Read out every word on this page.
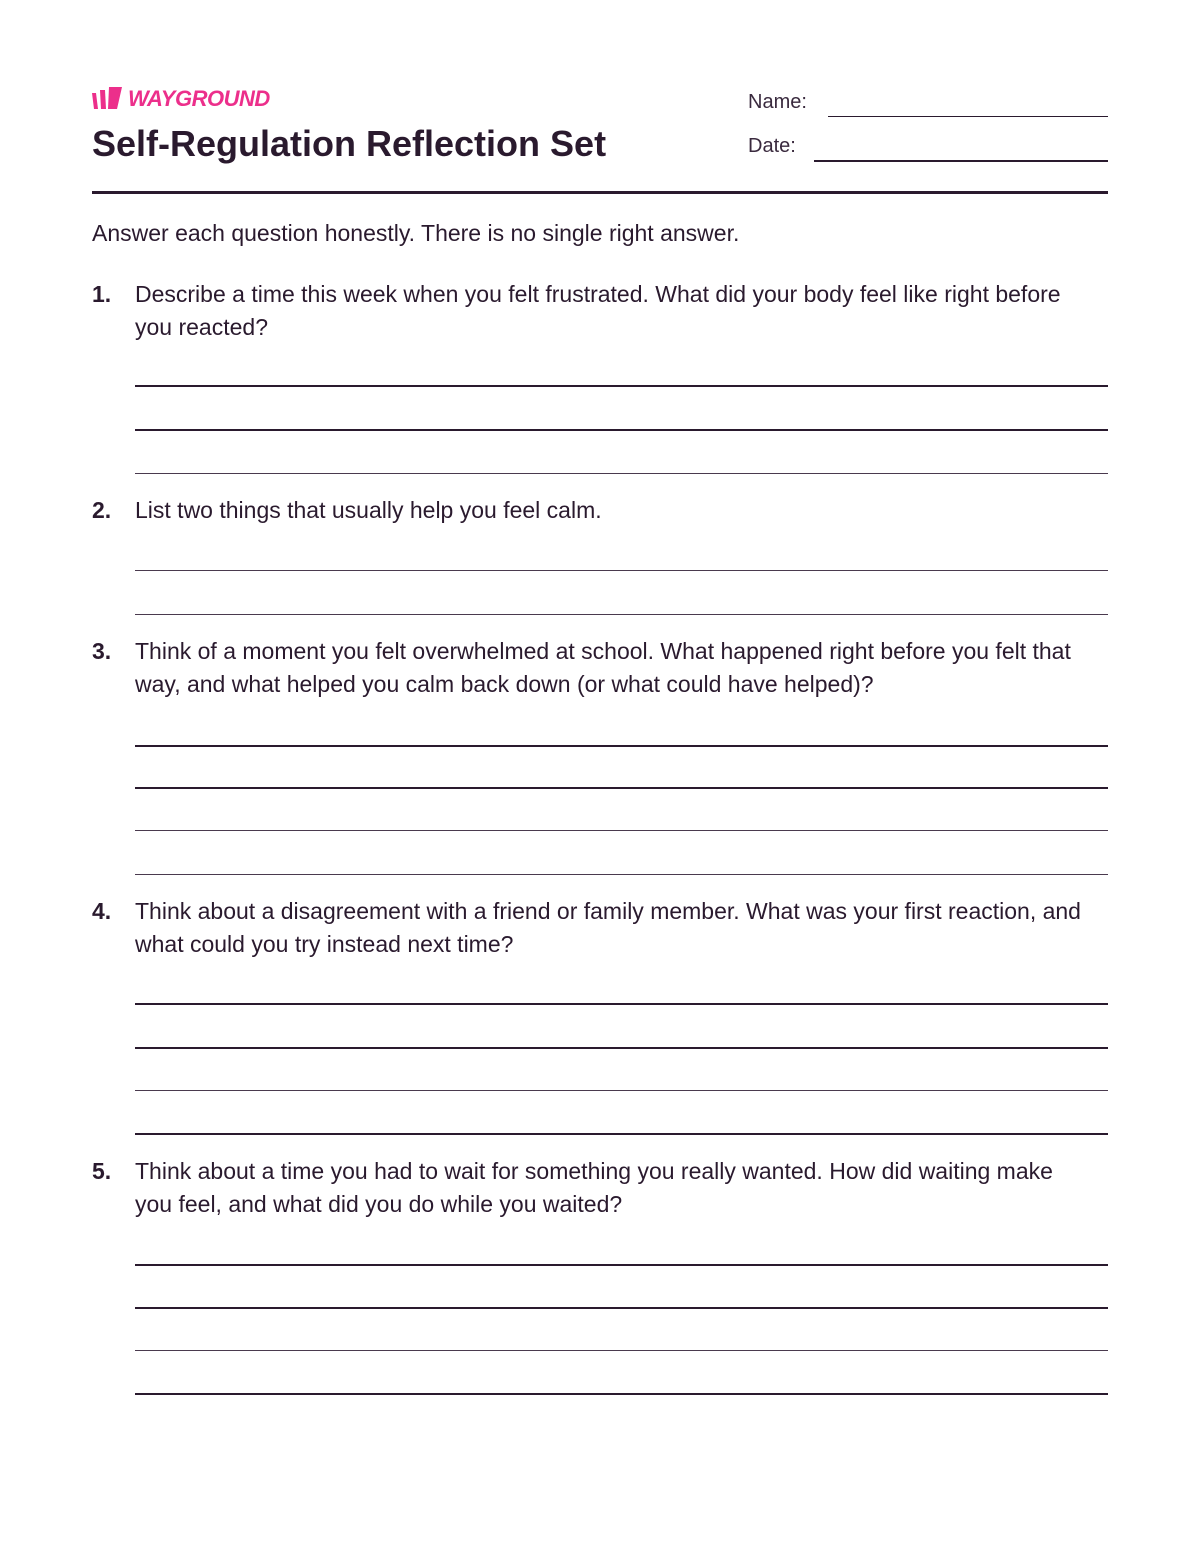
WAYGROUND
Self-Regulation Reflection Set
Name:
Date:
Answer each question honestly. There is no single right answer.
1. Describe a time this week when you felt frustrated. What did your body feel like right before you reacted?
2. List two things that usually help you feel calm.
3. Think of a moment you felt overwhelmed at school. What happened right before you felt that way, and what helped you calm back down (or what could have helped)?
4. Think about a disagreement with a friend or family member. What was your first reaction, and what could you try instead next time?
5. Think about a time you had to wait for something you really wanted. How did waiting make you feel, and what did you do while you waited?
